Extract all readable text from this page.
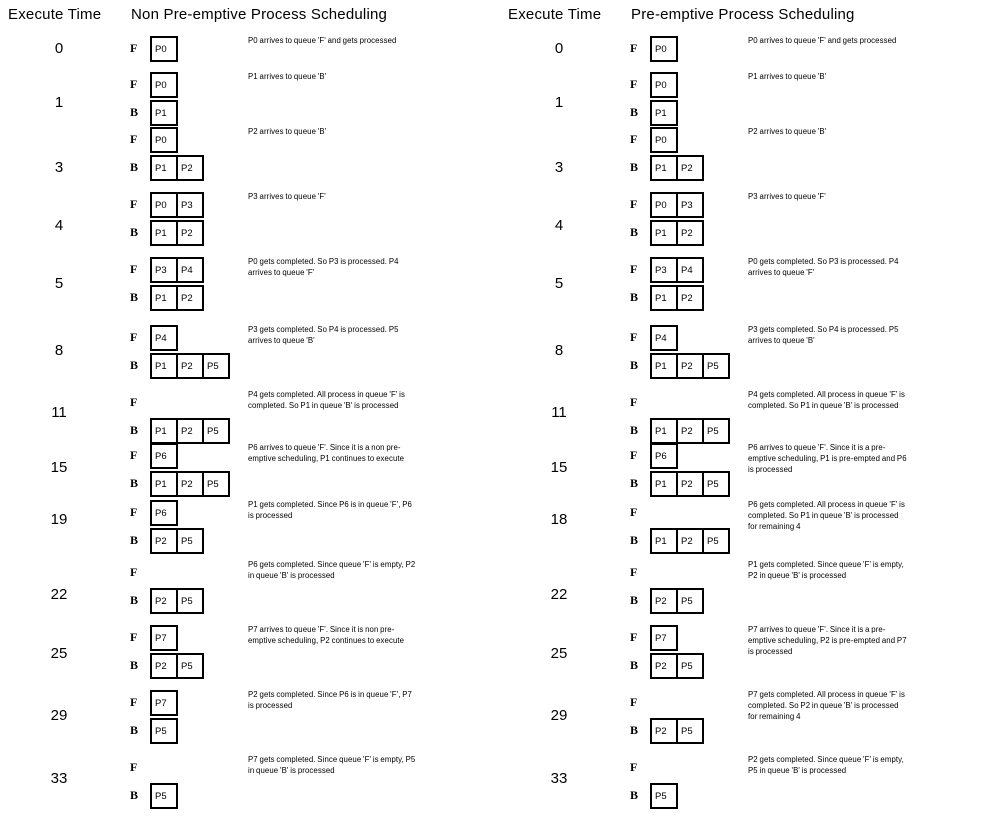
Execute Time Non Pre-emptive Process Scheduling
0	F	P0
P0 arrives to queue 'F' and gets processed
1
F	P0
B	P1
P1 arrives to queue 'B'
3
F	P0
B	P1	P2
P2 arrives to queue 'B'
4
F	P0	P3
B	P1	P2
P3 arrives to queue 'F'
5
F	P3	P4
B	P1	P2
P0 gets completed. So P3 is processed. P4 arrives to queue 'F'
8
F	P4
B	P1	P2	P5
P3 gets completed. So P4 is processed. P5 arrives to queue 'B'
11
F
B	P1	P2	P5
P4 gets completed. All process in queue 'F' is completed. So P1 in queue 'B' is processed
15
F	P6
B	P1	P2	P5
P6 arrives to queue 'F'. Since it is a non pre-emptive scheduling, P1 continues to execute
19	F	P6
B	P2	P5
P1 gets completed. Since P6 is in queue 'F', P6 is processed
22
F
B	P2	P5
P6 gets completed. Since queue 'F' is empty, P2 in queue 'B' is processed
25
F	P7
B	P2	P5
P7 arrives to queue 'F'. Since it is non pre-emptive scheduling, P2 continues to execute
29
F	P7
B	P5
P2 gets completed. Since P6 is in queue 'F', P7 is processed
33
F
B	P5
P7 gets completed. Since queue 'F' is empty, P5 in queue 'B' is processed
Execute Time Pre-emptive Process Scheduling
0	F	P0
P0 arrives to queue 'F' and gets processed
1
F	P0
B	P1
P1 arrives to queue 'B'
3
F	P0
B	P1	P2
P2 arrives to queue 'B'
4
F	P0	P3
B	P1	P2
P3 arrives to queue 'F'
5
F	P3	P4
B	P1	P2
P0 gets completed. So P3 is processed. P4 arrives to queue 'F'
8
F	P4
B	P1	P2	P5
P3 gets completed. So P4 is processed. P5 arrives to queue 'B'
11
F
B	P1	P2	P5
P4 gets completed. All process in queue 'F' is completed. So P1 in queue 'B' is processed
15
F	P6
B	P1	P2	P5
P6 arrives to queue 'F'. Since it is a pre-emptive scheduling, P1 is pre-empted and P6 is processed
18	F
B	P1	P2	P5
P6 gets completed. All process in queue 'F' is completed. So P1 in queue 'B' is processed for remaining 4
22
F
B	P2	P5
P1 gets completed. Since queue 'F' is empty, P2 in queue 'B' is processed
25
F	P7
B	P2	P5
P7 arrives to queue 'F'. Since it is a pre-emptive scheduling, P2 is pre-empted and P7 is processed
29
F
B	P2	P5
P7 gets completed. All process in queue 'F' is completed. So P2 in queue 'B' is processed for remaining 4
33
F
B	P5
P2 gets completed. Since queue 'F' is empty, P5 in queue 'B' is processed
